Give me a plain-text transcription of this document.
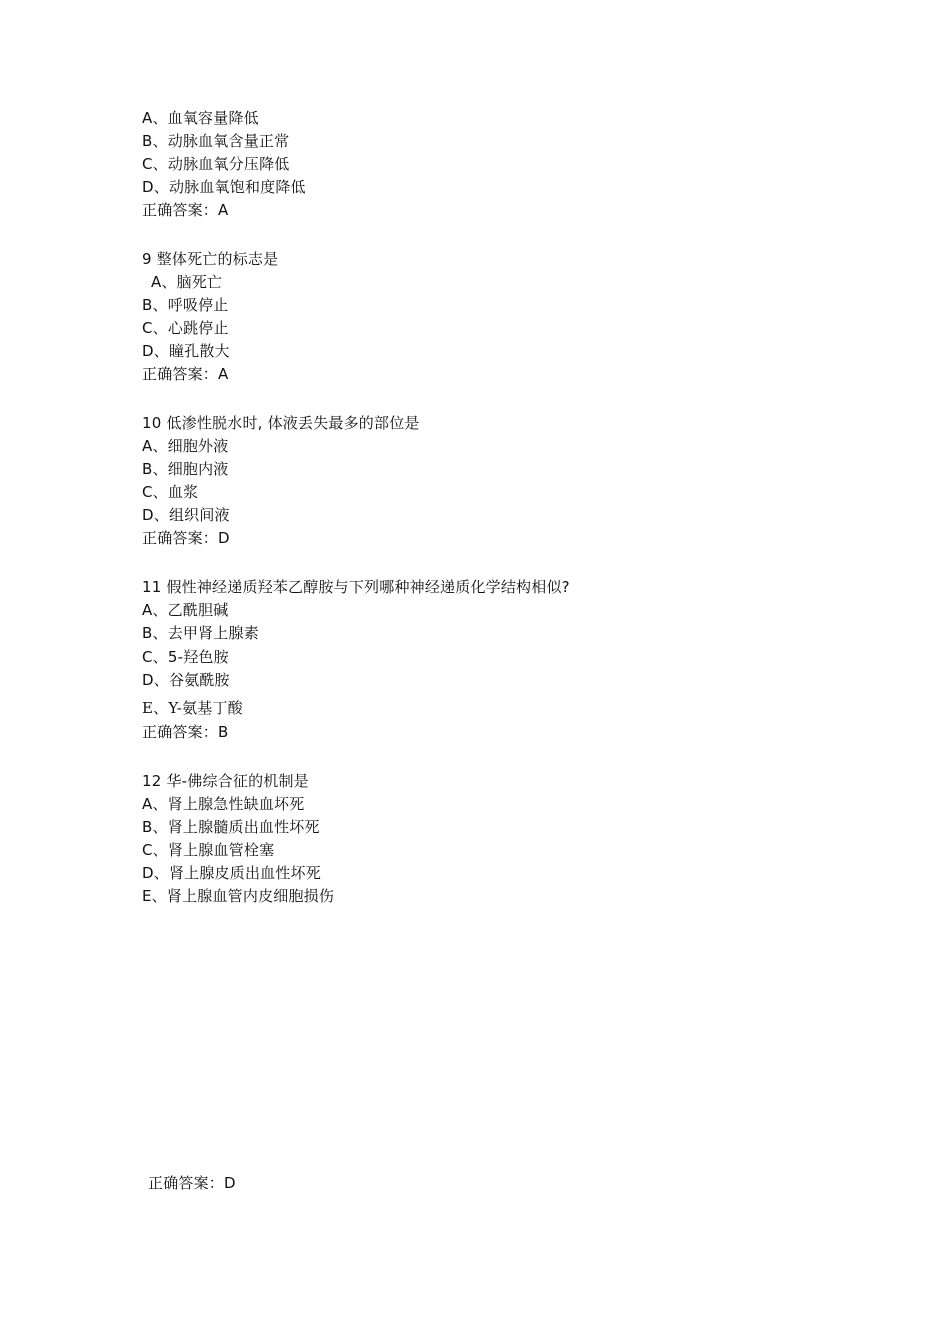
A、血氧容量降低
B、动脉血氧含量正常
C、动脉血氧分压降低
D、动脉血氧饱和度降低
正确答案：A
9 整体死亡的标志是
A、脑死亡
B、呼吸停止
C、心跳停止
D、瞳孔散大
正确答案：A
10 低渗性脱水时, 体液丢失最多的部位是
A、细胞外液
B、细胞内液
C、血浆
D、组织间液
正确答案：D
11 假性神经递质羟苯乙醇胺与下列哪种神经递质化学结构相似?
A、乙酰胆碱
B、去甲肾上腺素
C、5-羟色胺
D、谷氨酰胺
E、Y-氨基丁酸
正确答案：B
12 华-佛综合征的机制是
A、肾上腺急性缺血坏死
B、肾上腺髓质出血性坏死
C、肾上腺血管栓塞
D、肾上腺皮质出血性坏死
E、肾上腺血管内皮细胞损伤
正确答案：D
